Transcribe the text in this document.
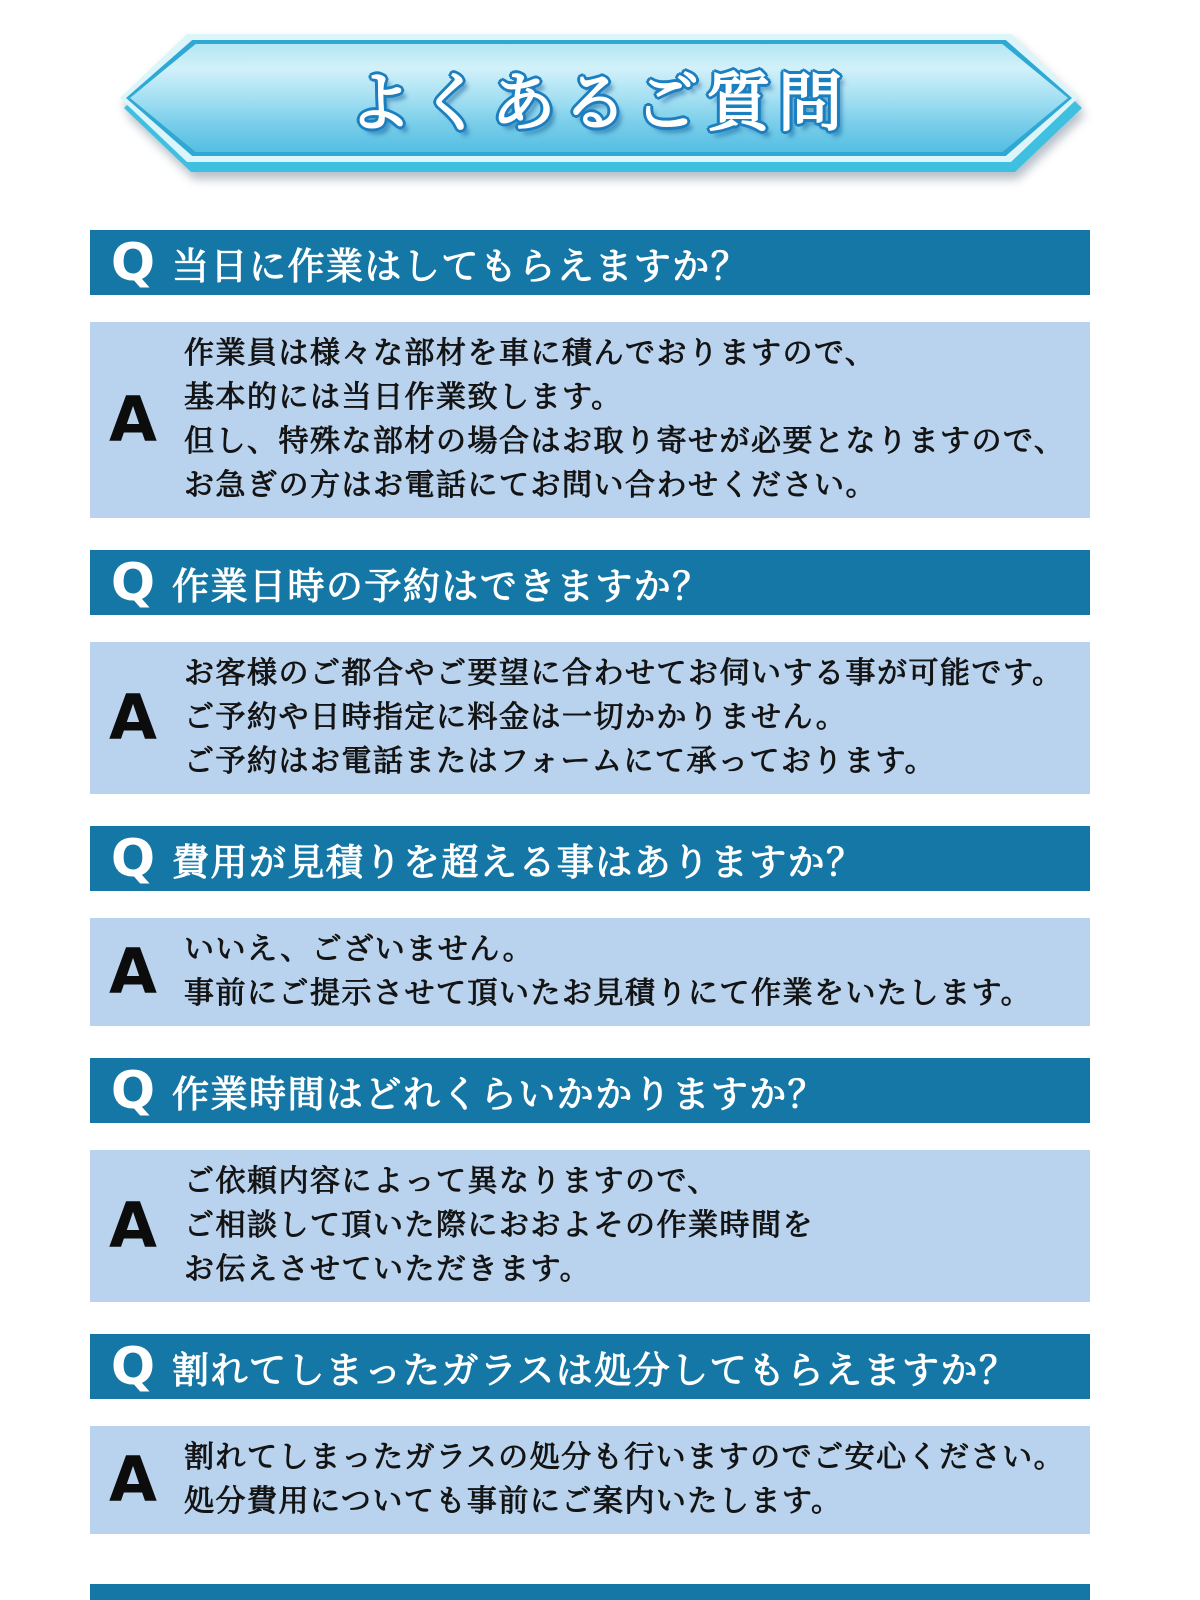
よくあるご質問
Q 当日に作業はしてもらえますか？
A
作業員は様々な部材を車に積んでおりますので、
基本的には当日作業致します。
但し、特殊な部材の場合はお取り寄せが必要となりますので、
お急ぎの方はお電話にてお問い合わせください。
Q 作業日時の予約はできますか？
A
お客様のご都合やご要望に合わせてお伺いする事が可能です。
ご予約や日時指定に料金は一切かかりません。
ご予約はお電話またはフォームにて承っております。
Q 費用が見積りを超える事はありますか？
A いいえ、ございません。
事前にご提示させて頂いたお見積りにて作業をいたします。
Q 作業時間はどれくらいかかりますか？
A
ご依頼内容によって異なりますので、
ご相談して頂いた際におおよその作業時間を
お伝えさせていただきます。
Q 割れてしまったガラスは処分してもらえますか？
A 割れてしまったガラスの処分も行いますのでご安心ください。
処分費用についても事前にご案内いたします。
